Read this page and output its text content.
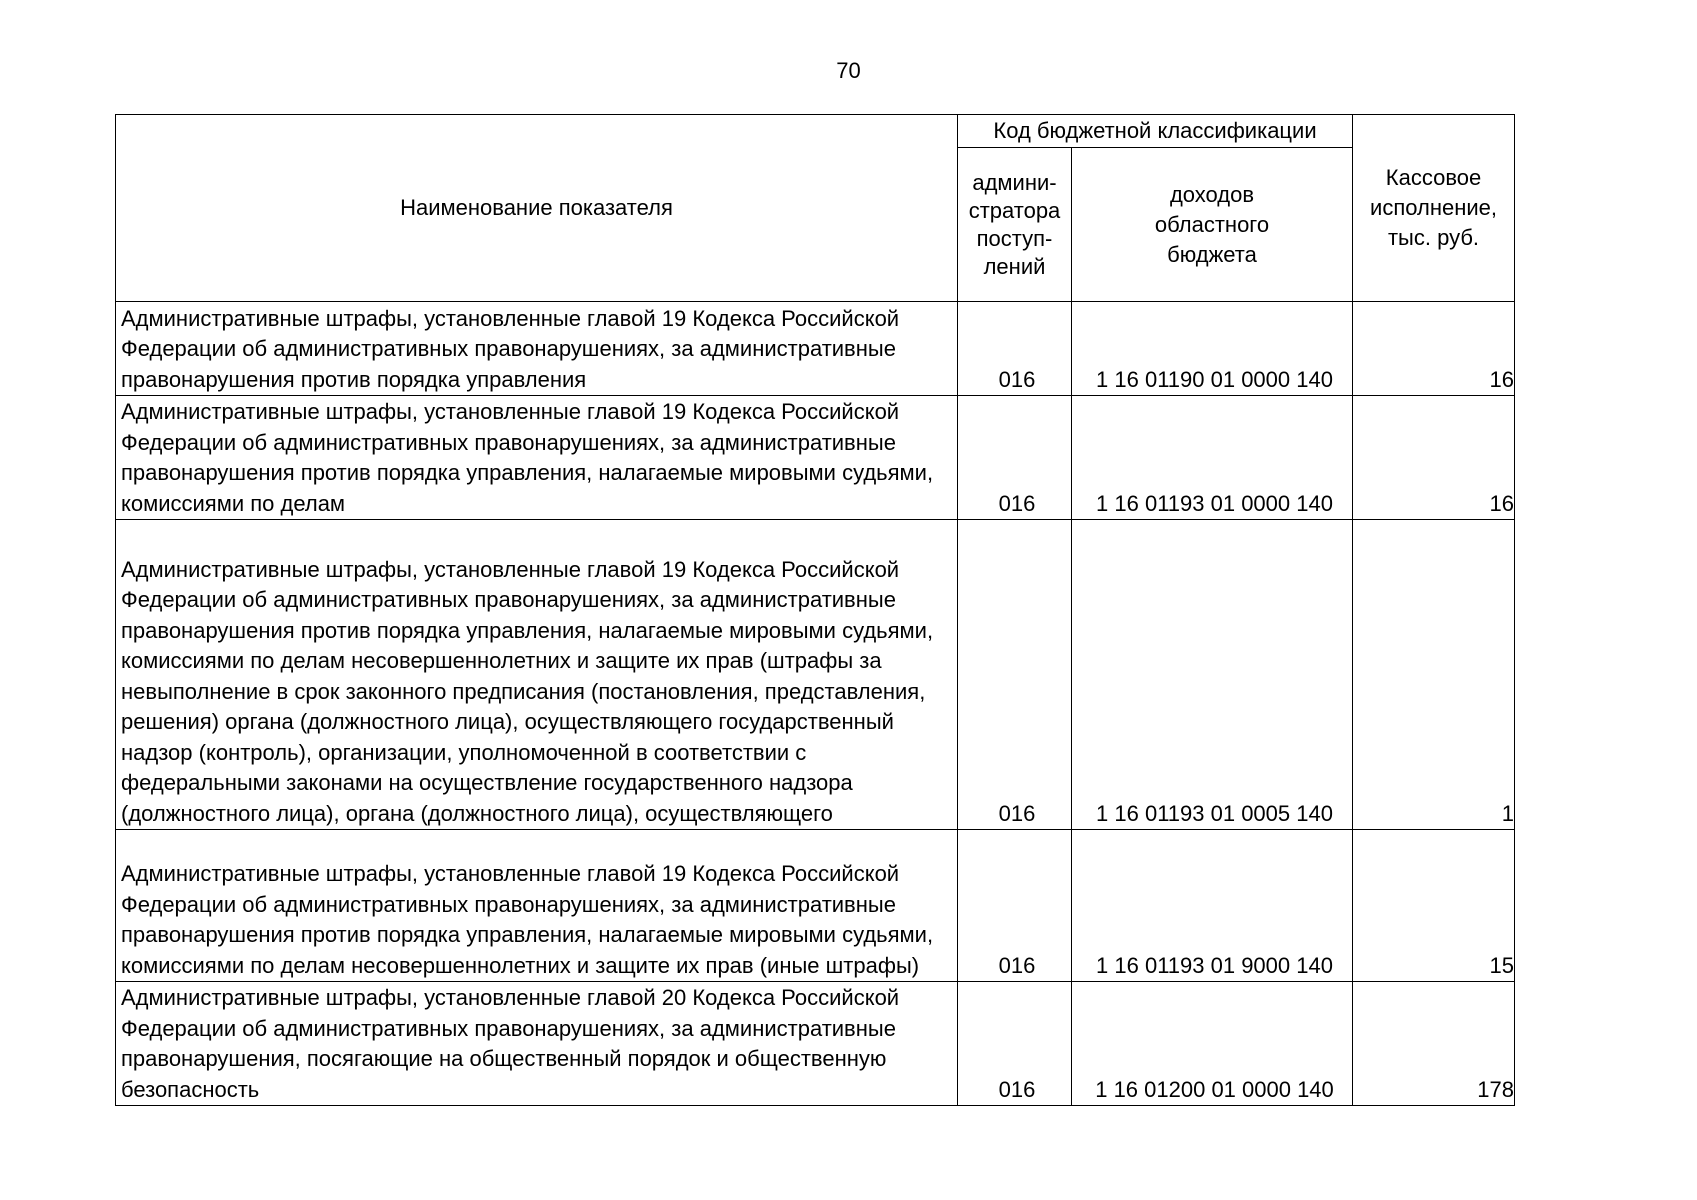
70
Наименование показателя	Код бюджетной классификации		Кассовое исполнение, тыс. руб.
	админи-стратора поступ-лений	доходов областного бюджета	
Административные штрафы, установленные главой 19 Кодекса Российской Федерации об административных правонарушениях, за административные правонарушения против порядка управления	016	1 16 01190 01 0000 140	16
Административные штрафы, установленные главой 19 Кодекса Российской Федерации об административных правонарушениях, за административные правонарушения против порядка управления, налагаемые мировыми судьями, комиссиями по делам	016	1 16 01193 01 0000 140	16
Административные штрафы, установленные главой 19 Кодекса Российской Федерации об административных правонарушениях, за административные правонарушения против порядка управления, налагаемые мировыми судьями, комиссиями по делам несовершеннолетних и защите их прав (штрафы за невыполнение в срок законного предписания (постановления, представления, решения) органа (должностного лица), осуществляющего государственный надзор (контроль), организации, уполномоченной в соответствии с федеральными законами на осуществление государственного надзора (должностного лица), органа (должностного лица), осуществляющего	016	1 16 01193 01 0005 140	1
Административные штрафы, установленные главой 19 Кодекса Российской Федерации об административных правонарушениях, за административные правонарушения против порядка управления, налагаемые мировыми судьями, комиссиями по делам несовершеннолетних и защите их прав (иные штрафы)	016	1 16 01193 01 9000 140	15
Административные штрафы, установленные главой 20 Кодекса Российской Федерации об административных правонарушениях, за административные правонарушения, посягающие на общественный порядок и общественную безопасность	016	1 16 01200 01 0000 140	178
